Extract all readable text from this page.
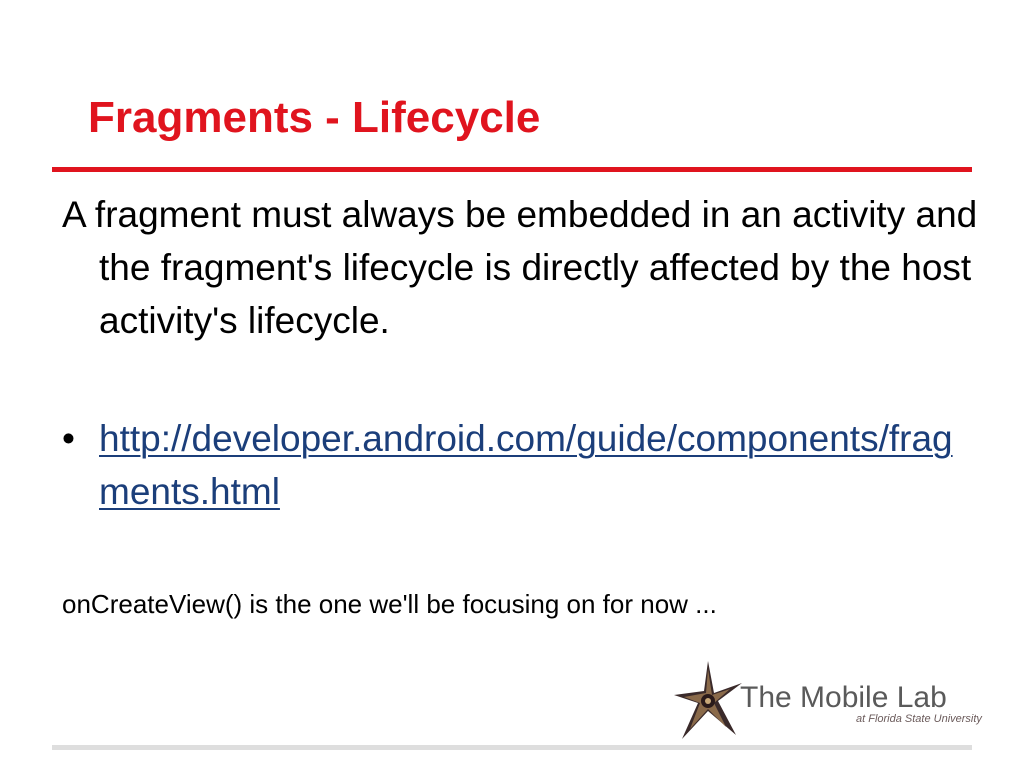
Fragments - Lifecycle

A fragment must always be embedded in an activity and the fragment's lifecycle is directly affected by the host activity's lifecycle.

• http://developer.android.com/guide/components/fragments.html

onCreateView() is the one we'll be focusing on for now ...

The Mobile Lab
at Florida State University
